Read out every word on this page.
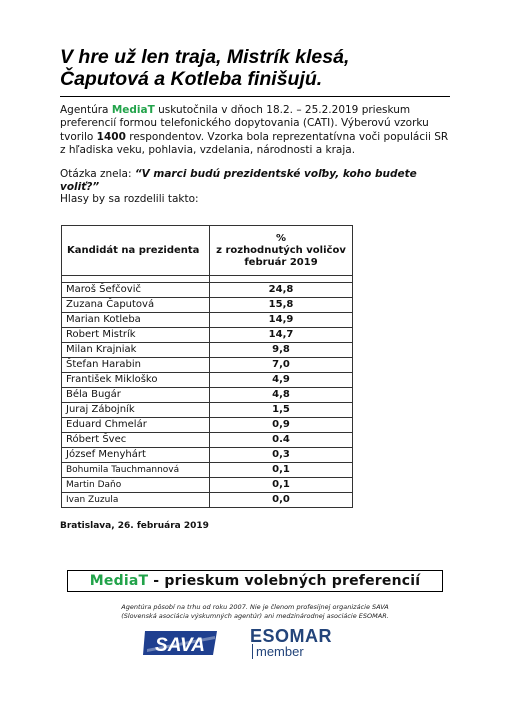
V hre už len traja, Mistrík klesá,
Čaputová a Kotleba finišujú.
Agentúra MediaT uskutočnila v dňoch 18.2. – 25.2.2019 prieskum preferencií formou telefonického dopytovania (CATI). Výberovú vzorku tvorilo 1400 respondentov. Vzorka bola reprezentatívna voči populácii SR z hľadiska veku, pohlavia, vzdelania, národnosti a kraja.
Otázka znela: “V marci budú prezidentské voľby, koho budete voliť?”
Hlasy by sa rozdelili takto:
Kandidát na prezidenta	%
z rozhodnutých voličov
február 2019

Maroš Šefčovič	24,8
Zuzana Čaputová	15,8
Marian Kotleba	14,9
Robert Mistrík	14,7
Milan Krajniak	9,8
Štefan Harabin	7,0
František Miklоško	4,9
Béla Bugár	4,8
Juraj Zábojník	1,5
Eduard Chmelár	0,9
Róbert Švec	0.4
József Menyhárt	0,3
Bohumila Tauchmannová	0,1
Martin Daňo	0,1
Ivan Zuzula	0,0
Bratislava, 26. februára 2019
MediaT - prieskum volebných preferencií
Agentúra pôsobí na trhu od roku 2007. Nie je členom profesijnej organizácie SAVA
(Slovenská asociácia výskumných agentúr) ani medzinárodnej asociácie ESOMAR.
SAVA	ESOMAR
member
